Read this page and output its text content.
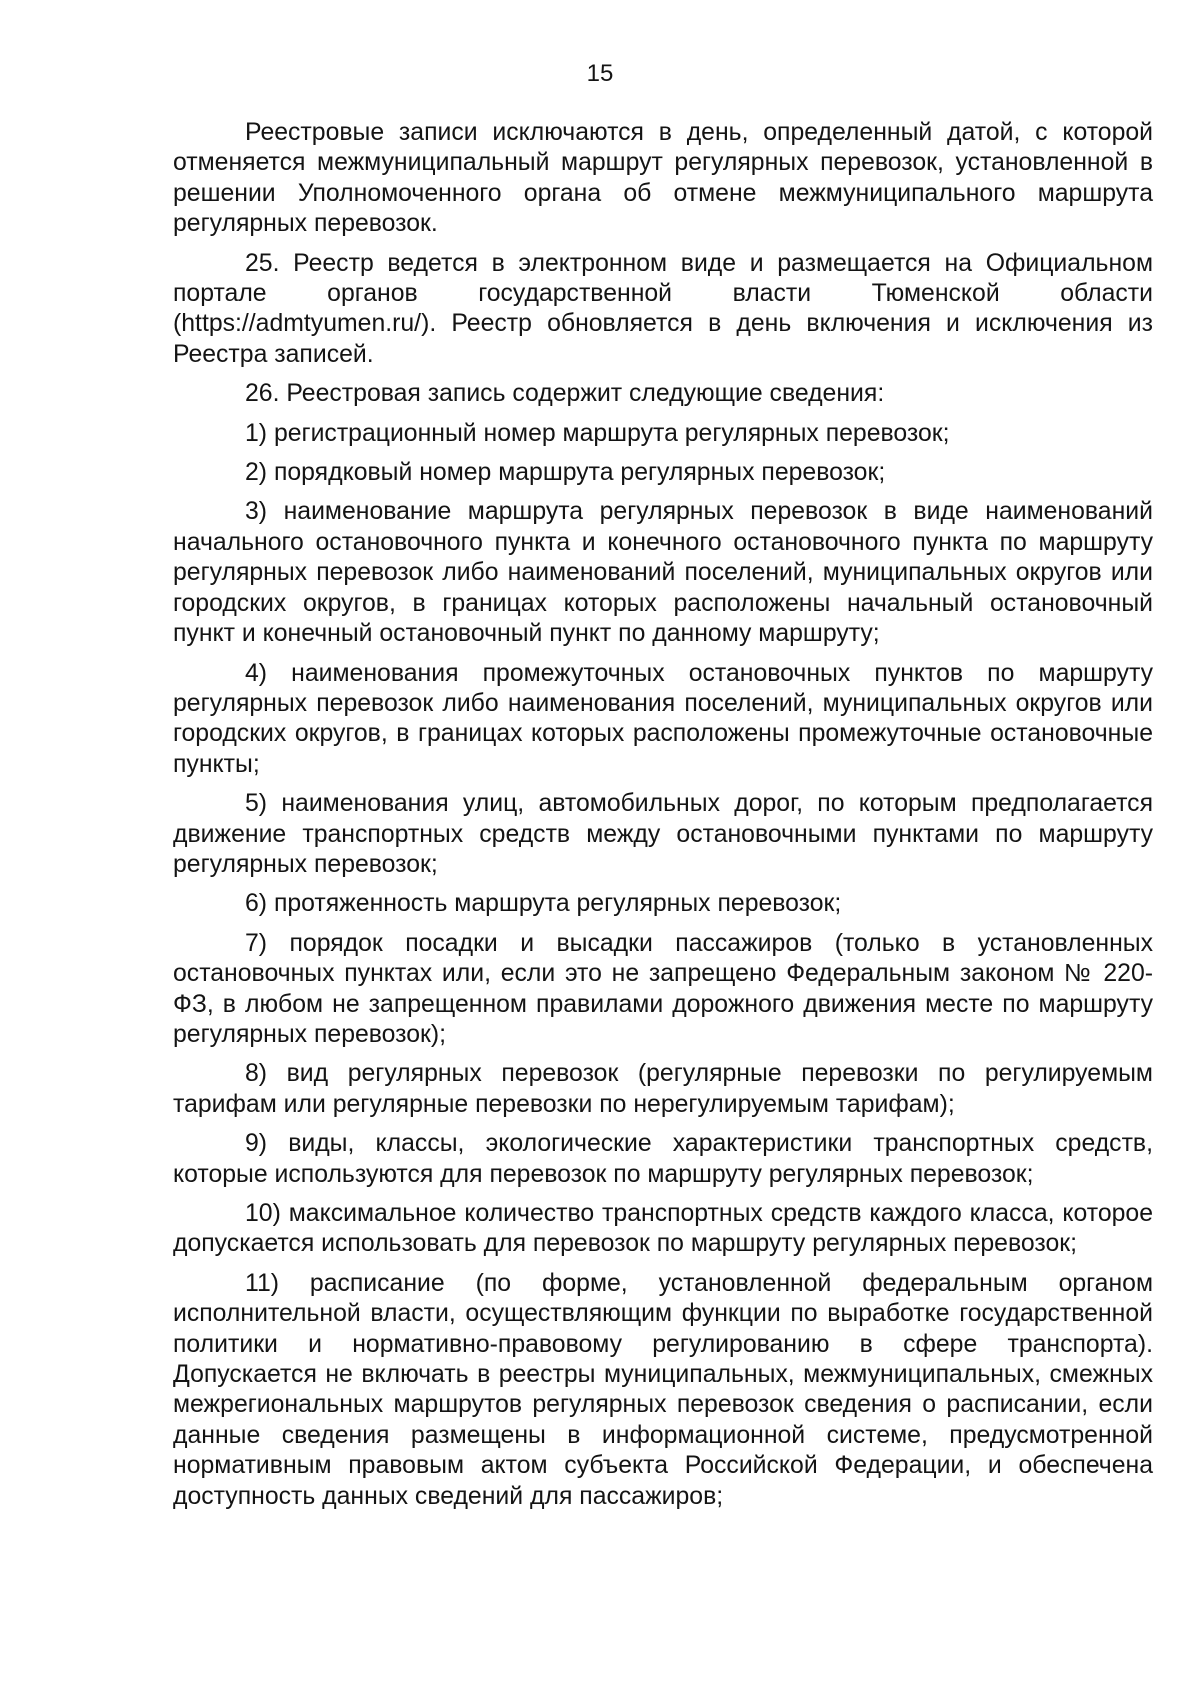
15

Реестровые записи исключаются в день, определенный датой, с которой отменяется межмуниципальный маршрут регулярных перевозок, установленной в решении Уполномоченного органа об отмене межмуниципального маршрута регулярных перевозок.

25. Реестр ведется в электронном виде и размещается на Официальном портале органов государственной власти Тюменской области (https://admtyumen.ru/). Реестр обновляется в день включения и исключения из Реестра записей.

26. Реестровая запись содержит следующие сведения:

1) регистрационный номер маршрута регулярных перевозок;

2) порядковый номер маршрута регулярных перевозок;

3) наименование маршрута регулярных перевозок в виде наименований начального остановочного пункта и конечного остановочного пункта по маршруту регулярных перевозок либо наименований поселений, муниципальных округов или городских округов, в границах которых расположены начальный остановочный пункт и конечный остановочный пункт по данному маршруту;

4) наименования промежуточных остановочных пунктов по маршруту регулярных перевозок либо наименования поселений, муниципальных округов или городских округов, в границах которых расположены промежуточные остановочные пункты;

5) наименования улиц, автомобильных дорог, по которым предполагается движение транспортных средств между остановочными пунктами по маршруту регулярных перевозок;

6) протяженность маршрута регулярных перевозок;

7) порядок посадки и высадки пассажиров (только в установленных остановочных пунктах или, если это не запрещено Федеральным законом № 220-ФЗ, в любом не запрещенном правилами дорожного движения месте по маршруту регулярных перевозок);

8) вид регулярных перевозок (регулярные перевозки по регулируемым тарифам или регулярные перевозки по нерегулируемым тарифам);

9) виды, классы, экологические характеристики транспортных средств, которые используются для перевозок по маршруту регулярных перевозок;

10) максимальное количество транспортных средств каждого класса, которое допускается использовать для перевозок по маршруту регулярных перевозок;

11) расписание (по форме, установленной федеральным органом исполнительной власти, осуществляющим функции по выработке государственной политики и нормативно-правовому регулированию в сфере транспорта). Допускается не включать в реестры муниципальных, межмуниципальных, смежных межрегиональных маршрутов регулярных перевозок сведения о расписании, если данные сведения размещены в информационной системе, предусмотренной нормативным правовым актом субъекта Российской Федерации, и обеспечена доступность данных сведений для пассажиров;
